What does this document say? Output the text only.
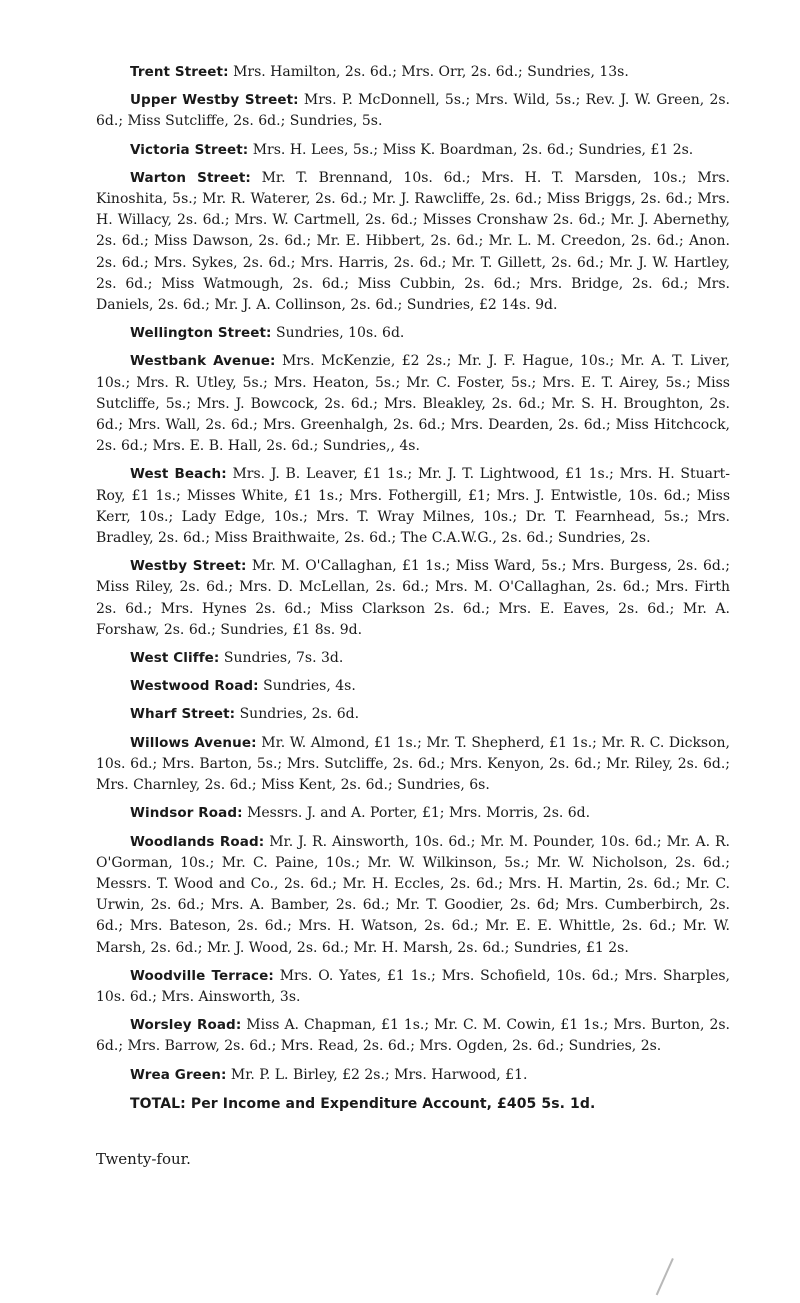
Trent Street: Mrs. Hamilton, 2s. 6d.; Mrs. Orr, 2s. 6d.; Sundries, 13s.

Upper Westby Street: Mrs. P. McDonnell, 5s.; Mrs. Wild, 5s.; Rev. J. W. Green, 2s. 6d.; Miss Sutcliffe, 2s. 6d.; Sundries, 5s.

Victoria Street: Mrs. H. Lees, 5s.; Miss K. Boardman, 2s. 6d.; Sundries, £1 2s.

Warton Street: Mr. T. Brennand, 10s. 6d.; Mrs. H. T. Marsden, 10s.; Mrs. Kinoshita, 5s.; Mr. R. Waterer, 2s. 6d.; Mr. J. Rawcliffe, 2s. 6d.; Miss Briggs, 2s. 6d.; Mrs. H. Willacy, 2s. 6d.; Mrs. W. Cartmell, 2s. 6d.; Misses Cronshaw 2s. 6d.; Mr. J. Abernethy, 2s. 6d.; Miss Dawson, 2s. 6d.; Mr. E. Hibbert, 2s. 6d.; Mr. L. M. Creedon, 2s. 6d.; Anon. 2s. 6d.; Mrs. Sykes, 2s. 6d.; Mrs. Harris, 2s. 6d.; Mr. T. Gillett, 2s. 6d.; Mr. J. W. Hartley, 2s. 6d.; Miss Watmough, 2s. 6d.; Miss Cubbin, 2s. 6d.; Mrs. Bridge, 2s. 6d.; Mrs. Daniels, 2s. 6d.; Mr. J. A. Collinson, 2s. 6d.; Sundries, £2 14s. 9d.

Wellington Street: Sundries, 10s. 6d.

Westbank Avenue: Mrs. McKenzie, £2 2s.; Mr. J. F. Hague, 10s.; Mr. A. T. Liver, 10s.; Mrs. R. Utley, 5s.; Mrs. Heaton, 5s.; Mr. C. Foster, 5s.; Mrs. E. T. Airey, 5s.; Miss Sutcliffe, 5s.; Mrs. J. Bowcock, 2s. 6d.; Mrs. Bleakley, 2s. 6d.; Mr. S. H. Broughton, 2s. 6d.; Mrs. Wall, 2s. 6d.; Mrs. Greenhalgh, 2s. 6d.; Mrs. Dearden, 2s. 6d.; Miss Hitchcock, 2s. 6d.; Mrs. E. B. Hall, 2s. 6d.; Sundries,, 4s.

West Beach: Mrs. J. B. Leaver, £1 1s.; Mr. J. T. Lightwood, £1 1s.; Mrs. H. Stuart-Roy, £1 1s.; Misses White, £1 1s.; Mrs. Fothergill, £1; Mrs. J. Entwistle, 10s. 6d.; Miss Kerr, 10s.; Lady Edge, 10s.; Mrs. T. Wray Milnes, 10s.; Dr. T. Fearnhead, 5s.; Mrs. Bradley, 2s. 6d.; Miss Braithwaite, 2s. 6d.; The C.A.W.G., 2s. 6d.; Sundries, 2s.

Westby Street: Mr. M. O'Callaghan, £1 1s.; Miss Ward, 5s.; Mrs. Burgess, 2s. 6d.; Miss Riley, 2s. 6d.; Mrs. D. McLellan, 2s. 6d.; Mrs. M. O'Callaghan, 2s. 6d.; Mrs. Firth 2s. 6d.; Mrs. Hynes 2s. 6d.; Miss Clarkson 2s. 6d.; Mrs. E. Eaves, 2s. 6d.; Mr. A. Forshaw, 2s. 6d.; Sundries, £1 8s. 9d.

West Cliffe: Sundries, 7s. 3d.

Westwood Road: Sundries, 4s.

Wharf Street: Sundries, 2s. 6d.

Willows Avenue: Mr. W. Almond, £1 1s.; Mr. T. Shepherd, £1 1s.; Mr. R. C. Dickson, 10s. 6d.; Mrs. Barton, 5s.; Mrs. Sutcliffe, 2s. 6d.; Mrs. Kenyon, 2s. 6d.; Mr. Riley, 2s. 6d.; Mrs. Charnley, 2s. 6d.; Miss Kent, 2s. 6d.; Sundries, 6s.

Windsor Road: Messrs. J. and A. Porter, £1; Mrs. Morris, 2s. 6d.

Woodlands Road: Mr. J. R. Ainsworth, 10s. 6d.; Mr. M. Pounder, 10s. 6d.; Mr. A. R. O'Gorman, 10s.; Mr. C. Paine, 10s.; Mr. W. Wilkinson, 5s.; Mr. W. Nicholson, 2s. 6d.; Messrs. T. Wood and Co., 2s. 6d.; Mr. H. Eccles, 2s. 6d.; Mrs. H. Martin, 2s. 6d.; Mr. C. Urwin, 2s. 6d.; Mrs. A. Bamber, 2s. 6d.; Mr. T. Goodier, 2s. 6d; Mrs. Cumberbirch, 2s. 6d.; Mrs. Bateson, 2s. 6d.; Mrs. H. Watson, 2s. 6d.; Mr. E. E. Whittle, 2s. 6d.; Mr. W. Marsh, 2s. 6d.; Mr. J. Wood, 2s. 6d.; Mr. H. Marsh, 2s. 6d.; Sundries, £1 2s.

Woodville Terrace: Mrs. O. Yates, £1 1s.; Mrs. Schofield, 10s. 6d.; Mrs. Sharples, 10s. 6d.; Mrs. Ainsworth, 3s.

Worsley Road: Miss A. Chapman, £1 1s.; Mr. C. M. Cowin, £1 1s.; Mrs. Burton, 2s. 6d.; Mrs. Barrow, 2s. 6d.; Mrs. Read, 2s. 6d.; Mrs. Ogden, 2s. 6d.; Sundries, 2s.

Wrea Green: Mr. P. L. Birley, £2 2s.; Mrs. Harwood, £1.

TOTAL: Per Income and Expenditure Account, £405 5s. 1d.

Twenty-four.
